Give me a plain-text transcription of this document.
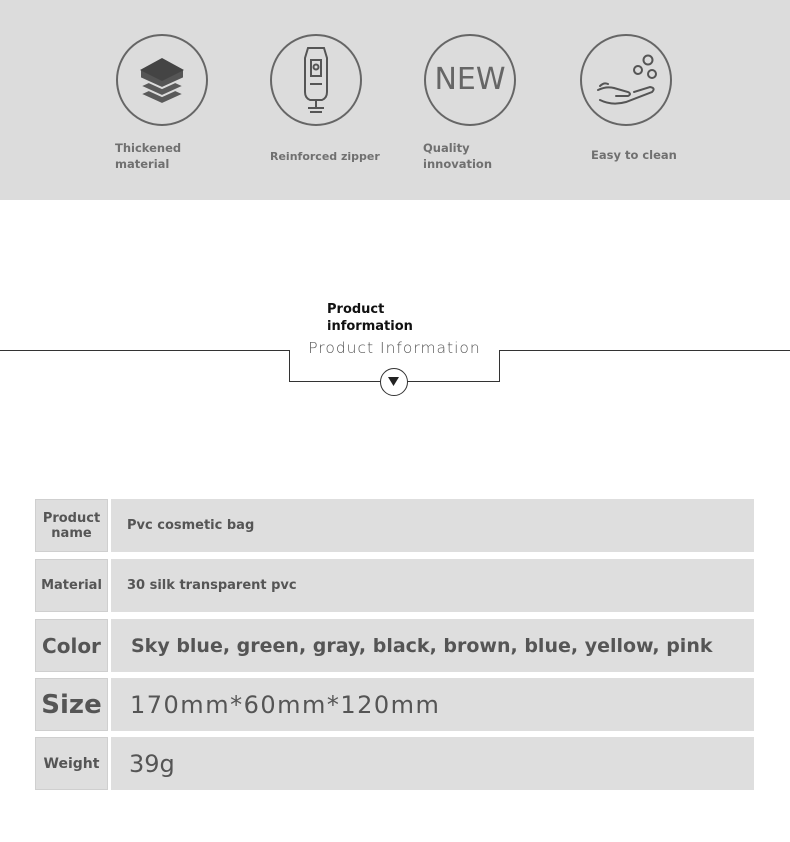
Thickened material
Reinforced zipper
NEW
Quality innovation
Easy to clean
Product information
Product Information
Product name	Pvc cosmetic bag
Material	30 silk transparent pvc
Color	Sky blue, green, gray, black, brown, blue, yellow, pink
Size	170mm*60mm*120mm
Weight	39g
